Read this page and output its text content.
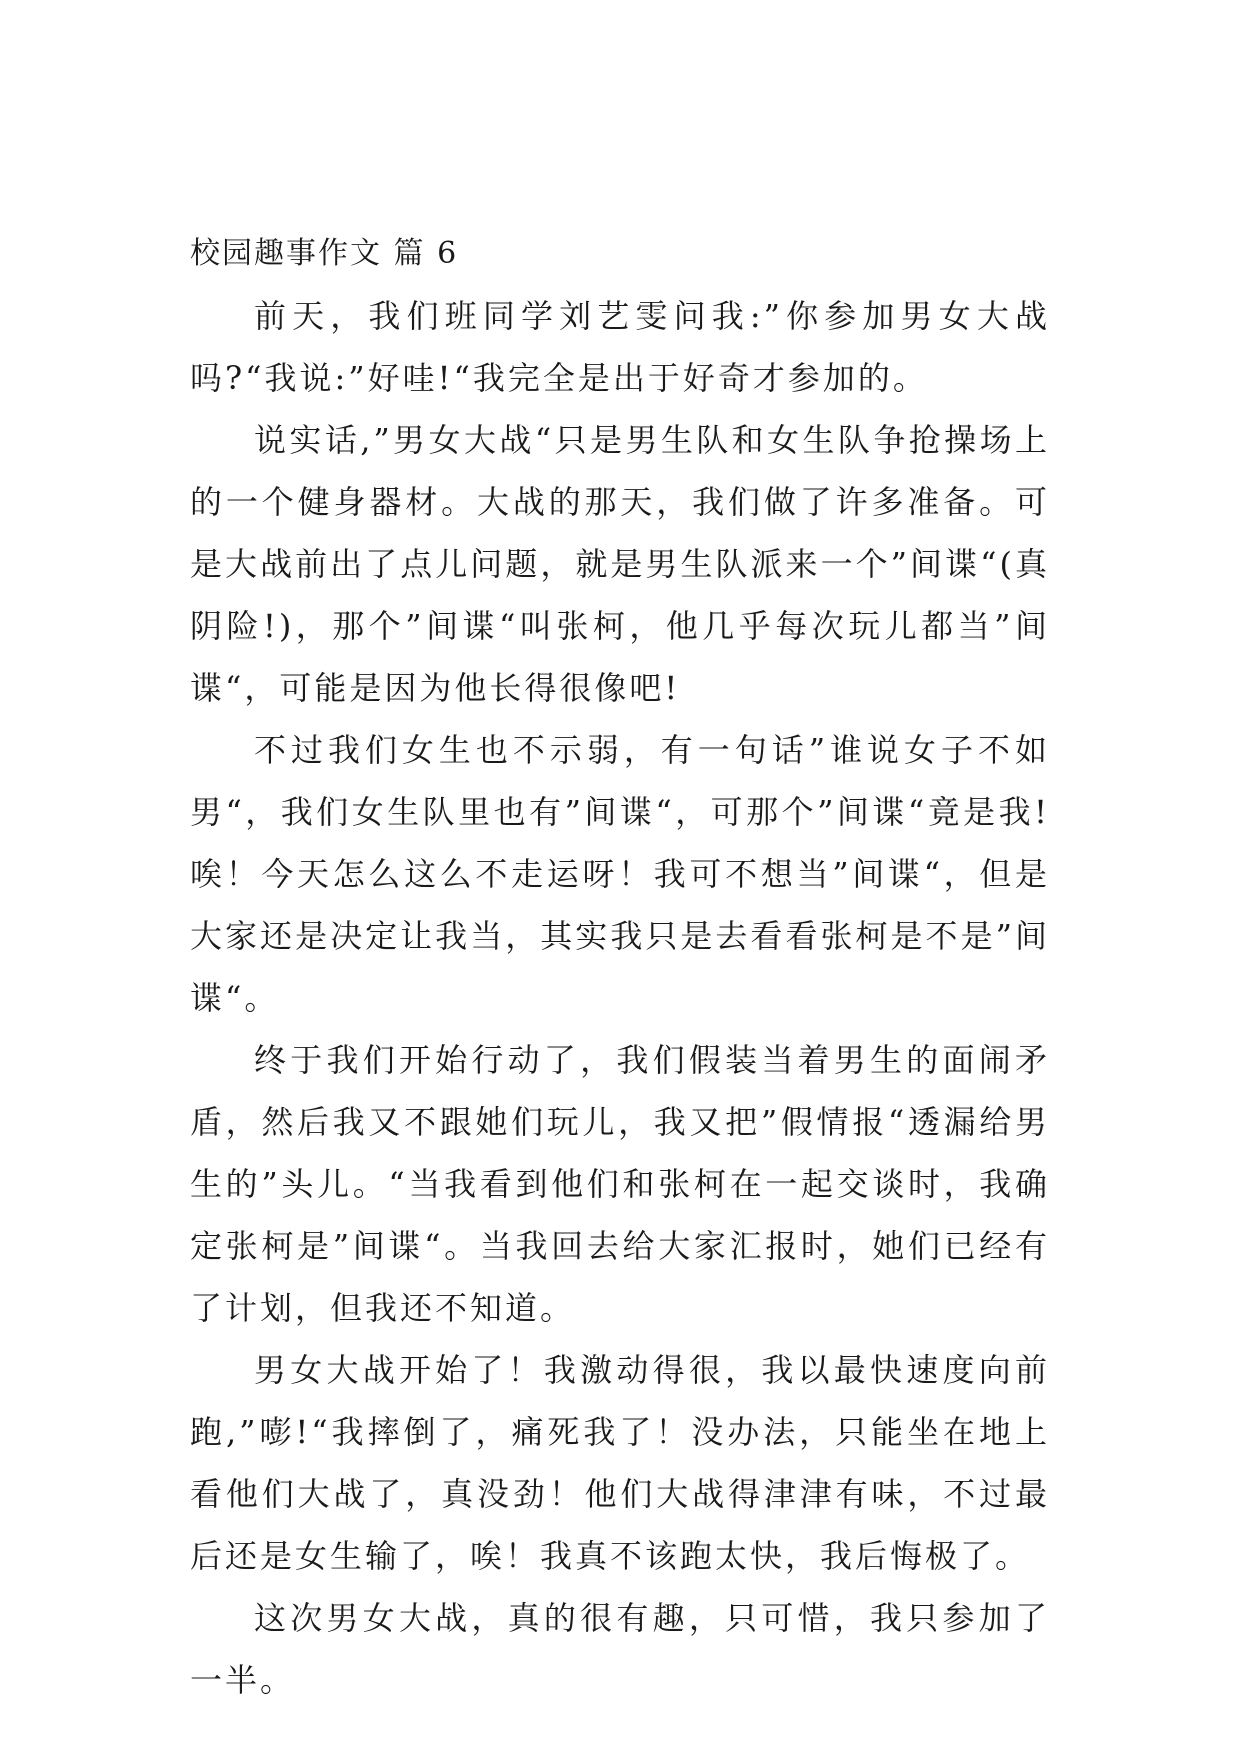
校园趣事作文 篇 6

前天，我们班同学刘艺雯问我:”你参加男女大战吗?“我说:”好哇!“我完全是出于好奇才参加的。

说实话,”男女大战“只是男生队和女生队争抢操场上的一个健身器材。大战的那天，我们做了许多准备。可是大战前出了点儿问题，就是男生队派来一个”间谍“(真阴险!)，那个”间谍“叫张柯，他几乎每次玩儿都当”间谍“，可能是因为他长得很像吧!

不过我们女生也不示弱，有一句话”谁说女子不如男“，我们女生队里也有”间谍“，可那个”间谍“竟是我!唉！今天怎么这么不走运呀！我可不想当”间谍“，但是大家还是决定让我当，其实我只是去看看张柯是不是”间谍“。

终于我们开始行动了，我们假装当着男生的面闹矛盾，然后我又不跟她们玩儿，我又把”假情报“透漏给男生的”头儿。“当我看到他们和张柯在一起交谈时，我确定张柯是”间谍“。当我回去给大家汇报时，她们已经有了计划，但我还不知道。

男女大战开始了！我激动得很，我以最快速度向前跑,”嘭!“我摔倒了，痛死我了！没办法，只能坐在地上看他们大战了，真没劲！他们大战得津津有味，不过最后还是女生输了，唉！我真不该跑太快，我后悔极了。

这次男女大战，真的很有趣，只可惜，我只参加了一半。
